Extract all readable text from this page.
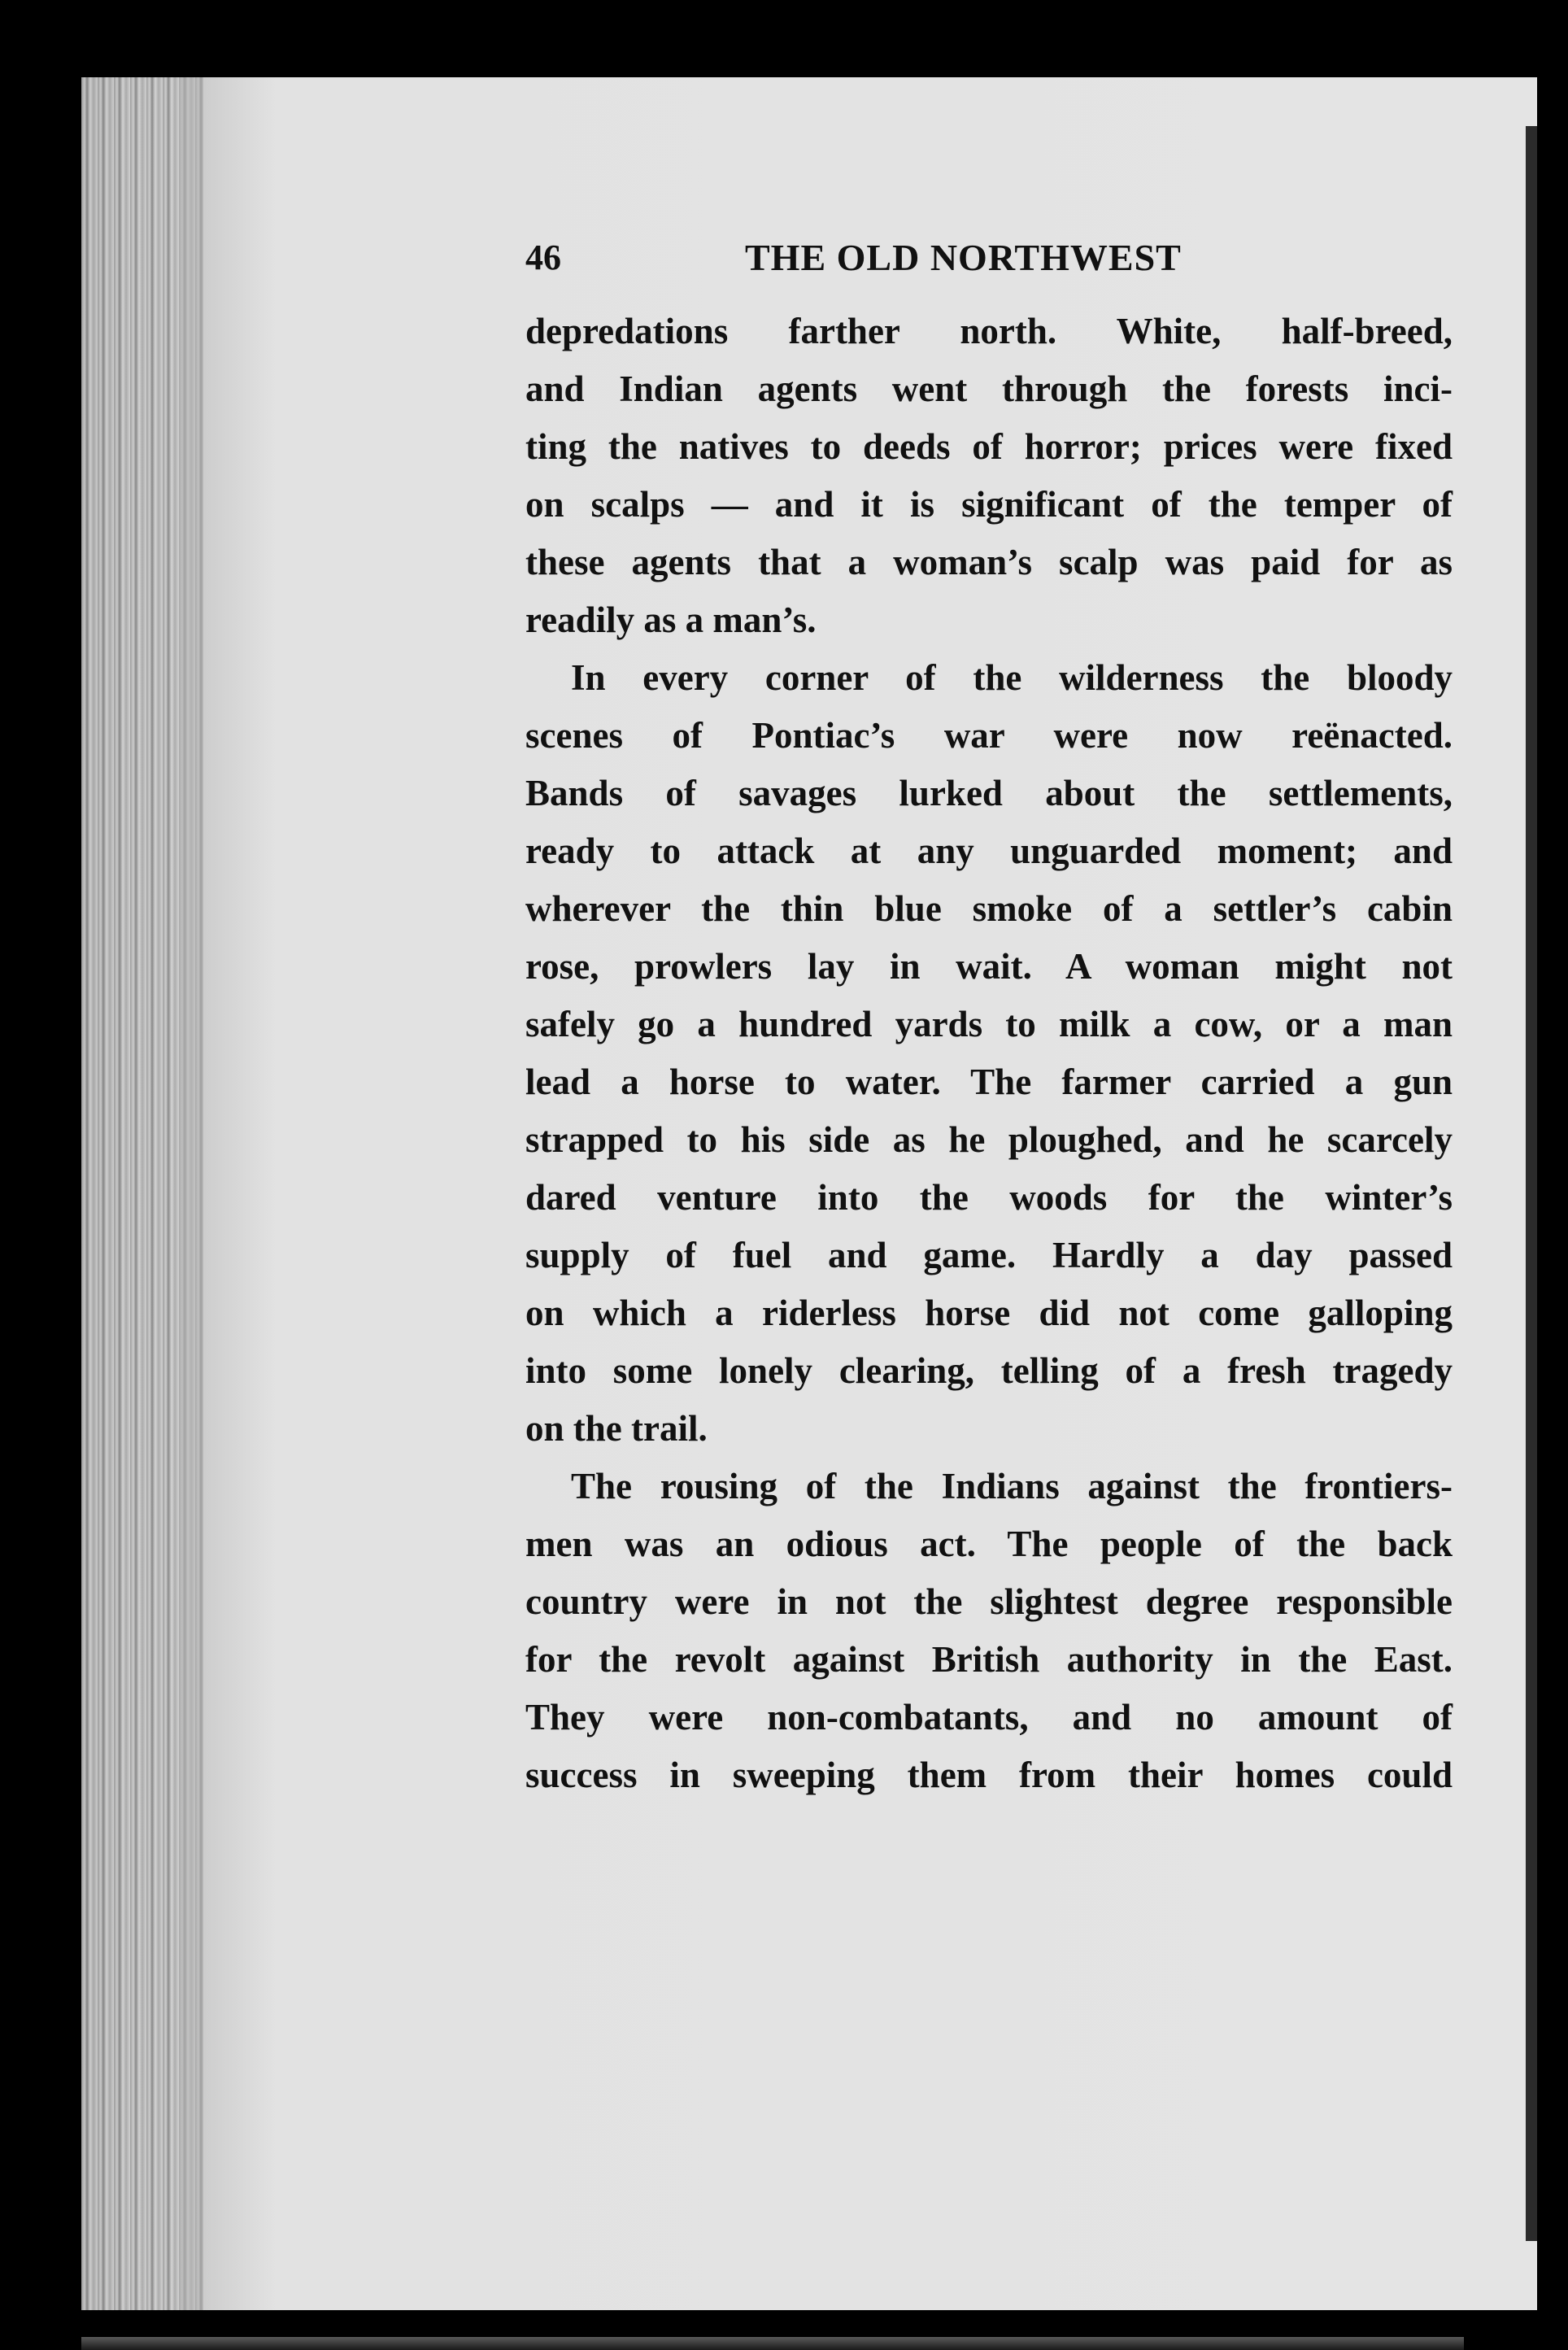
46	THE OLD NORTHWEST
depredations farther north. White, half-breed,
and Indian agents went through the forests inci-
ting the natives to deeds of horror; prices were fixed
on scalps — and it is significant of the temper of
these agents that a woman’s scalp was paid for as
readily as a man’s.
In every corner of the wilderness the bloody
scenes of Pontiac’s war were now reënacted.
Bands of savages lurked about the settlements,
ready to attack at any unguarded moment; and
wherever the thin blue smoke of a settler’s cabin
rose, prowlers lay in wait. A woman might not
safely go a hundred yards to milk a cow, or a man
lead a horse to water. The farmer carried a gun
strapped to his side as he ploughed, and he scarcely
dared venture into the woods for the winter’s
supply of fuel and game. Hardly a day passed
on which a riderless horse did not come galloping
into some lonely clearing, telling of a fresh tragedy
on the trail.
The rousing of the Indians against the frontiers-
men was an odious act. The people of the back
country were in not the slightest degree responsible
for the revolt against British authority in the East.
They were non-combatants, and no amount of
success in sweeping them from their homes could
